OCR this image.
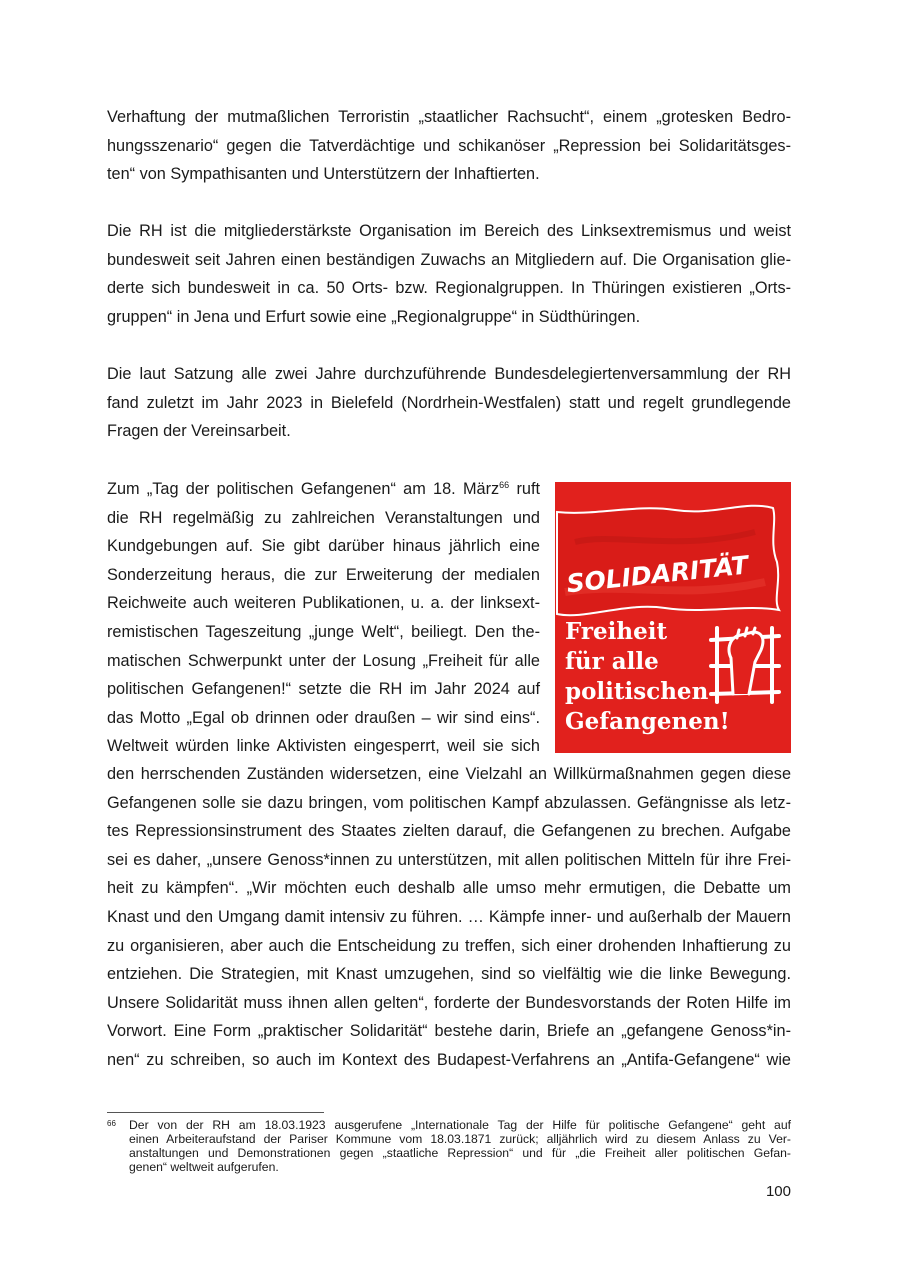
Verhaftung der mutmaßlichen Terroristin „staatlicher Rachsucht“, einem „grotesken Bedro-
hungsszenario“ gegen die Tatverdächtige und schikanöser „Repression bei Solidaritätsges-
ten“ von Sympathisanten und Unterstützern der Inhaftierten.
Die RH ist die mitgliederstärkste Organisation im Bereich des Linksextremismus und weist
bundesweit seit Jahren einen beständigen Zuwachs an Mitgliedern auf. Die Organisation glie-
derte sich bundesweit in ca. 50 Orts- bzw. Regionalgruppen. In Thüringen existieren „Orts-
gruppen“ in Jena und Erfurt sowie eine „Regionalgruppe“ in Südthüringen.
Die laut Satzung alle zwei Jahre durchzuführende Bundesdelegiertenversammlung der RH
fand zuletzt im Jahr 2023 in Bielefeld (Nordrhein-Westfalen) statt und regelt grundlegende
Fragen der Vereinsarbeit.
Zum „Tag der politischen Gefangenen“ am 18. März$^{66}$ ruft
die RH regelmäßig zu zahlreichen Veranstaltungen und
Kundgebungen auf. Sie gibt darüber hinaus jährlich eine
Sonderzeitung heraus, die zur Erweiterung der medialen
Reichweite auch weiteren Publikationen, u. a. der linksext-
remistischen Tageszeitung „junge Welt“, beiliegt. Den the-
matischen Schwerpunkt unter der Losung „Freiheit für alle
politischen Gefangenen!“ setzte die RH im Jahr 2024 auf
das Motto „Egal ob drinnen oder draußen – wir sind eins“.
Weltweit würden linke Aktivisten eingesperrt, weil sie sich
SOLIDARITÄT
Freiheit
für alle
politischen
Gefangenen!
den herrschenden Zuständen widersetzen, eine Vielzahl an Willkürmaßnahmen gegen diese
Gefangenen solle sie dazu bringen, vom politischen Kampf abzulassen. Gefängnisse als letz-
tes Repressionsinstrument des Staates zielten darauf, die Gefangenen zu brechen. Aufgabe
sei es daher, „unsere Genoss*innen zu unterstützen, mit allen politischen Mitteln für ihre Frei-
heit zu kämpfen“. „Wir möchten euch deshalb alle umso mehr ermutigen, die Debatte um
Knast und den Umgang damit intensiv zu führen. … Kämpfe inner- und außerhalb der Mauern
zu organisieren, aber auch die Entscheidung zu treffen, sich einer drohenden Inhaftierung zu
entziehen. Die Strategien, mit Knast umzugehen, sind so vielfältig wie die linke Bewegung.
Unsere Solidarität muss ihnen allen gelten“, forderte der Bundesvorstands der Roten Hilfe im
Vorwort. Eine Form „praktischer Solidarität“ bestehe darin, Briefe an „gefangene Genoss*in-
nen“ zu schreiben, so auch im Kontext des Budapest-Verfahrens an „Antifa-Gefangene“ wie
66 Der von der RH am 18.03.1923 ausgerufene „Internationale Tag der Hilfe für politische Gefangene“ geht auf
einen Arbeiteraufstand der Pariser Kommune vom 18.03.1871 zurück; alljährlich wird zu diesem Anlass zu Ver-
anstaltungen und Demonstrationen gegen „staatliche Repression“ und für „die Freiheit aller politischen Gefan-
genen“ weltweit aufgerufen.
100
